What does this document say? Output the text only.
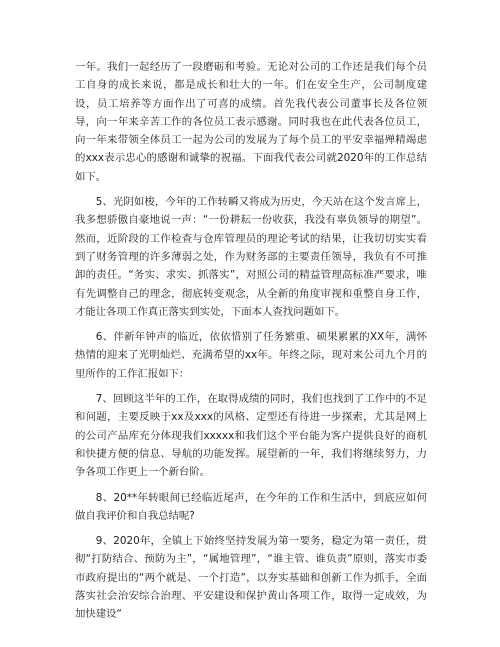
一年。我们一起经历了一段磨砺和考验。无论对公司的工作还是我们每个员工自身的成长来说，都是成长和壮大的一年。们在安全生产，公司制度建设，员工培养等方面作出了可喜的成绩。首先我代表公司董事长及各位领导，向一年来辛苦工作的各位员工表示感谢。同时我也在此代表各位员工，向一年来带领全体员工一起为公司的发展为了每个员工的平安幸福殚精竭虑的xxx表示忠心的感谢和诚挚的祝福。下面我代表公司就2020年的工作总结如下。

5、光阴如梭，今年的工作转瞬又将成为历史，今天站在这个发言席上，我多想骄傲自豪地说一声：“一份耕耘一份收获，我没有辜负领导的期望”。然而，近阶段的工作检查与仓库管理员的理论考试的结果，让我切切实实看到了财务管理的许多薄弱之处，作为财务部的主要责任领导，我负有不可推卸的责任。“务实、求实、抓落实”，对照公司的精益管理高标准严要求，唯有先调整自己的理念，彻底转变观念，从全新的角度审视和重整自身工作，才能让各项工作真正落实到实处，下面本人查找问题如下。

6、伴新年钟声的临近，依依惜别了任务繁重、硕果累累的XX年，满怀热情的迎来了光明灿烂、充满希望的xx年。年终之际，现对来公司九个月的里所作的工作汇报如下：

7、回顾这半年的工作，在取得成绩的同时，我们也找到了工作中的不足和问题，主要反映于xx及xxx的风格、定型还有待进一步探索，尤其是网上的公司产品库充分体现我们xxxxx和我们这个平台能为客户提供良好的商机和快捷方便的信息、导航的功能发挥。展望新的一年，我们将继续努力，力争各项工作更上一个新台阶。

8、20**年转眼间已经临近尾声，在今年的工作和生活中，到底应如何做自我评价和自我总结呢?

9、2020年，全镇上下始终坚持发展为第一要务，稳定为第一责任，贯彻“打防结合、预防为主”，“属地管理”，“谁主管、谁负责”原则，落实市委市政府提出的“两个就是、一个打造”，以夯实基础和创新工作为抓手，全面落实社会治安综合治理、平安建设和保护黄山各项工作，取得一定成效，为加快建设“
